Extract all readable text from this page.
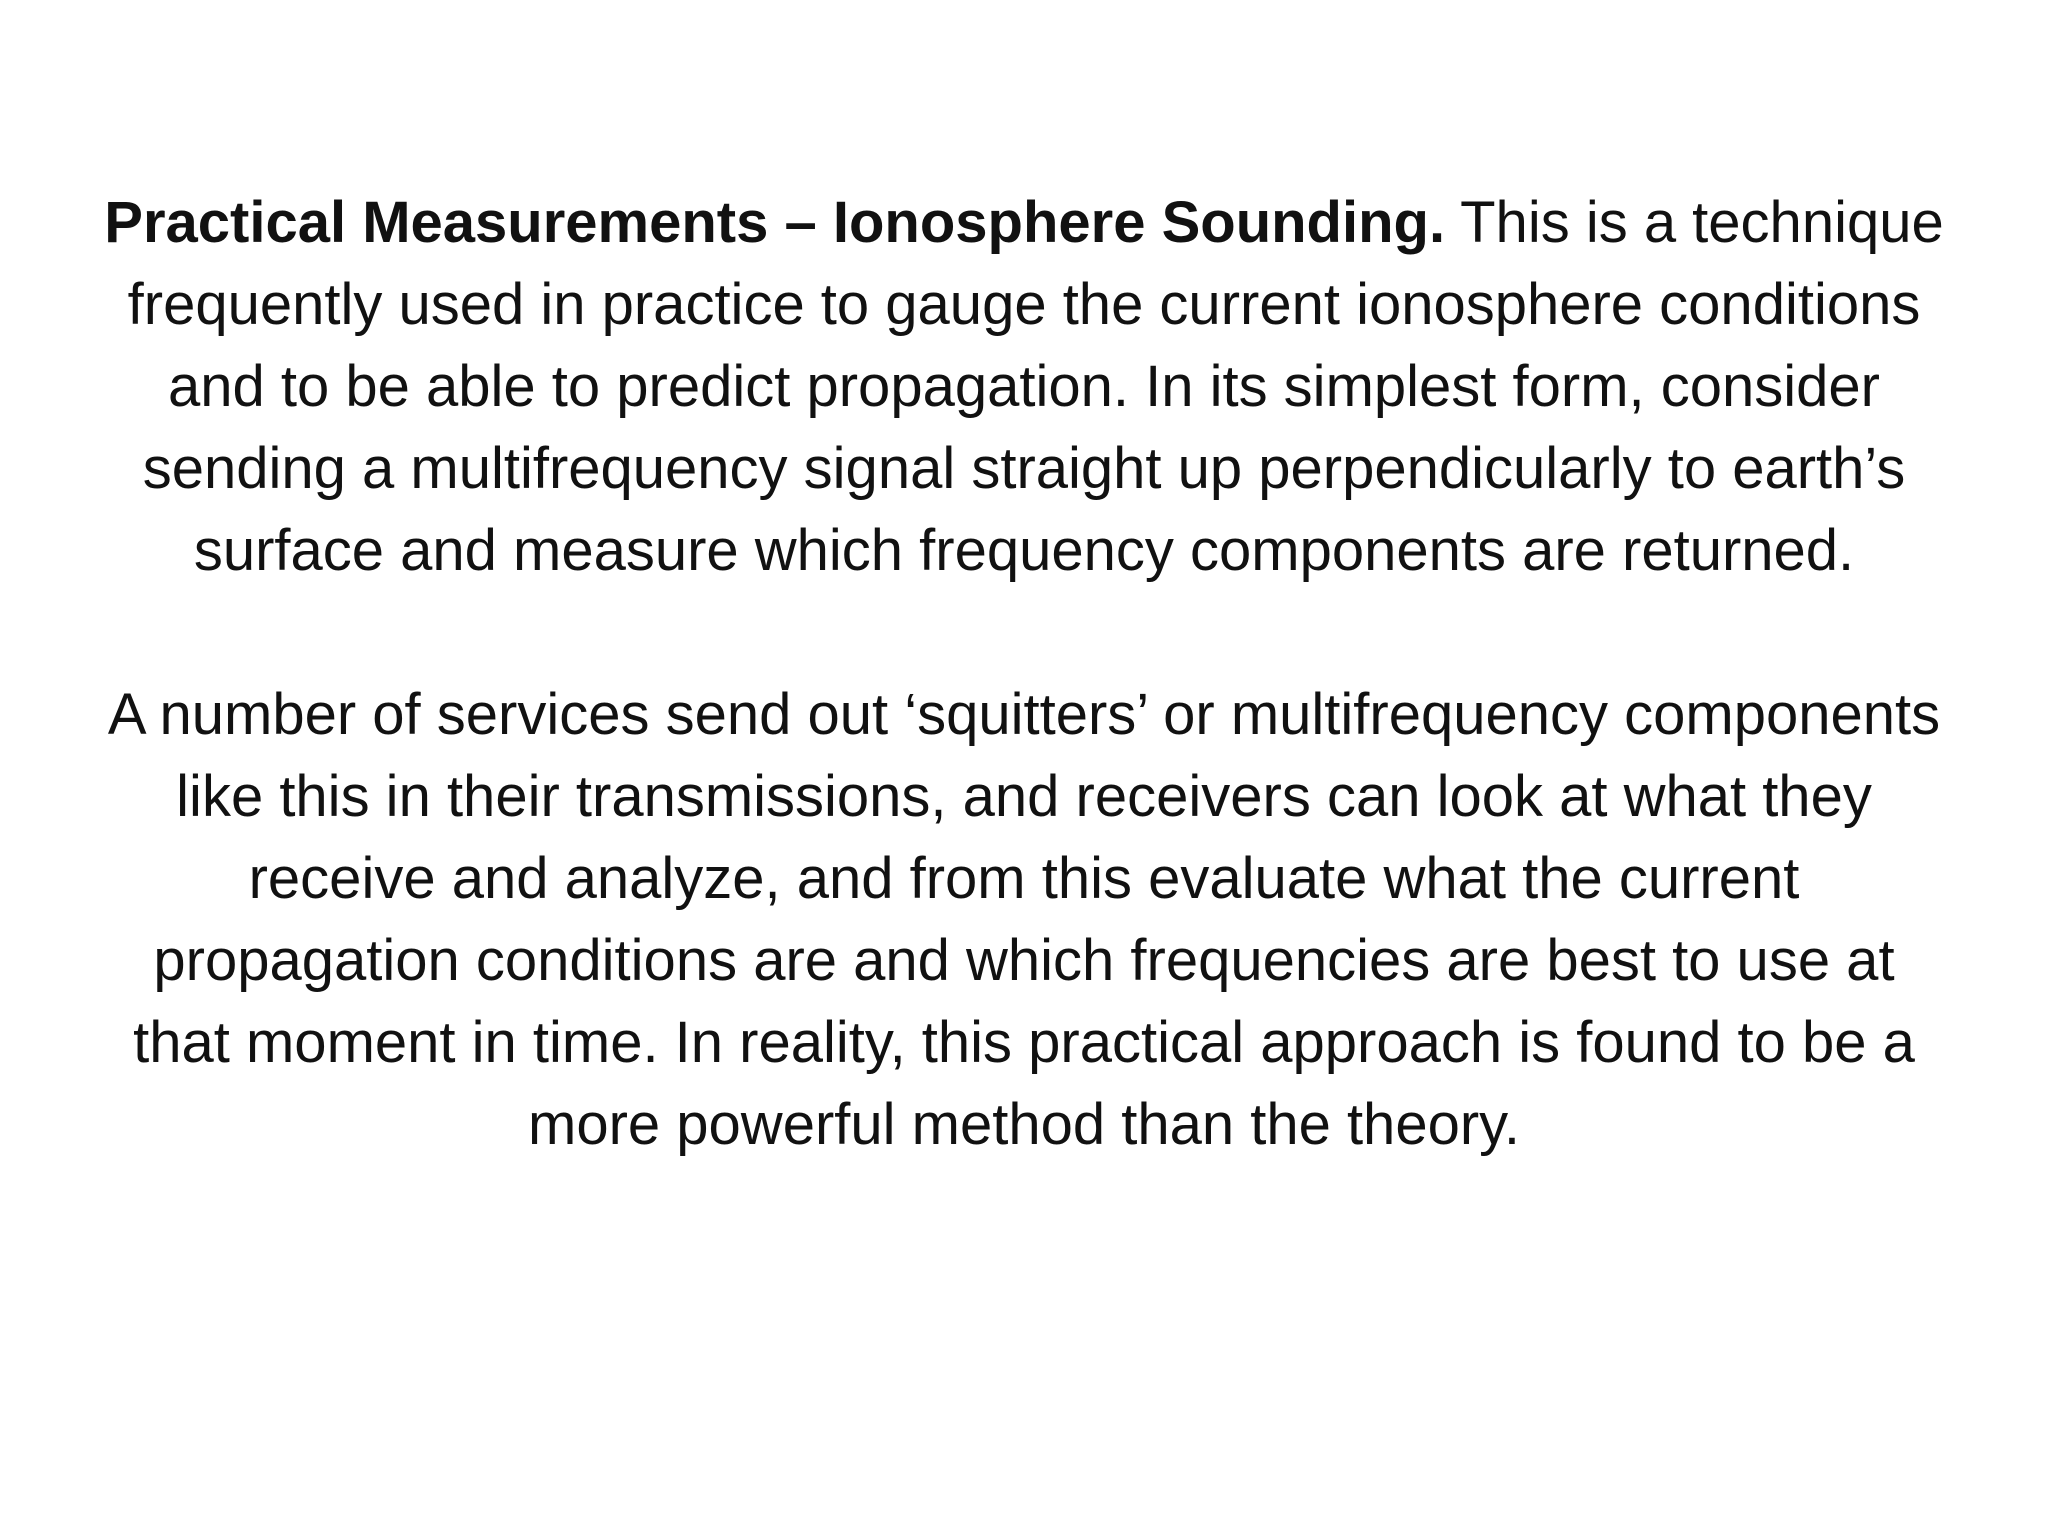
Practical Measurements – Ionosphere Sounding. This is a technique frequently used in practice to gauge the current ionosphere conditions and to be able to predict propagation. In its simplest form, consider sending a multifrequency signal straight up perpendicularly to earth’s surface and measure which frequency components are returned.

A number of services send out ‘squitters’ or multifrequency components like this in their transmissions, and receivers can look at what they receive and analyze, and from this evaluate what the current propagation conditions are and which frequencies are best to use at that moment in time. In reality, this practical approach is found to be a more powerful method than the theory.
